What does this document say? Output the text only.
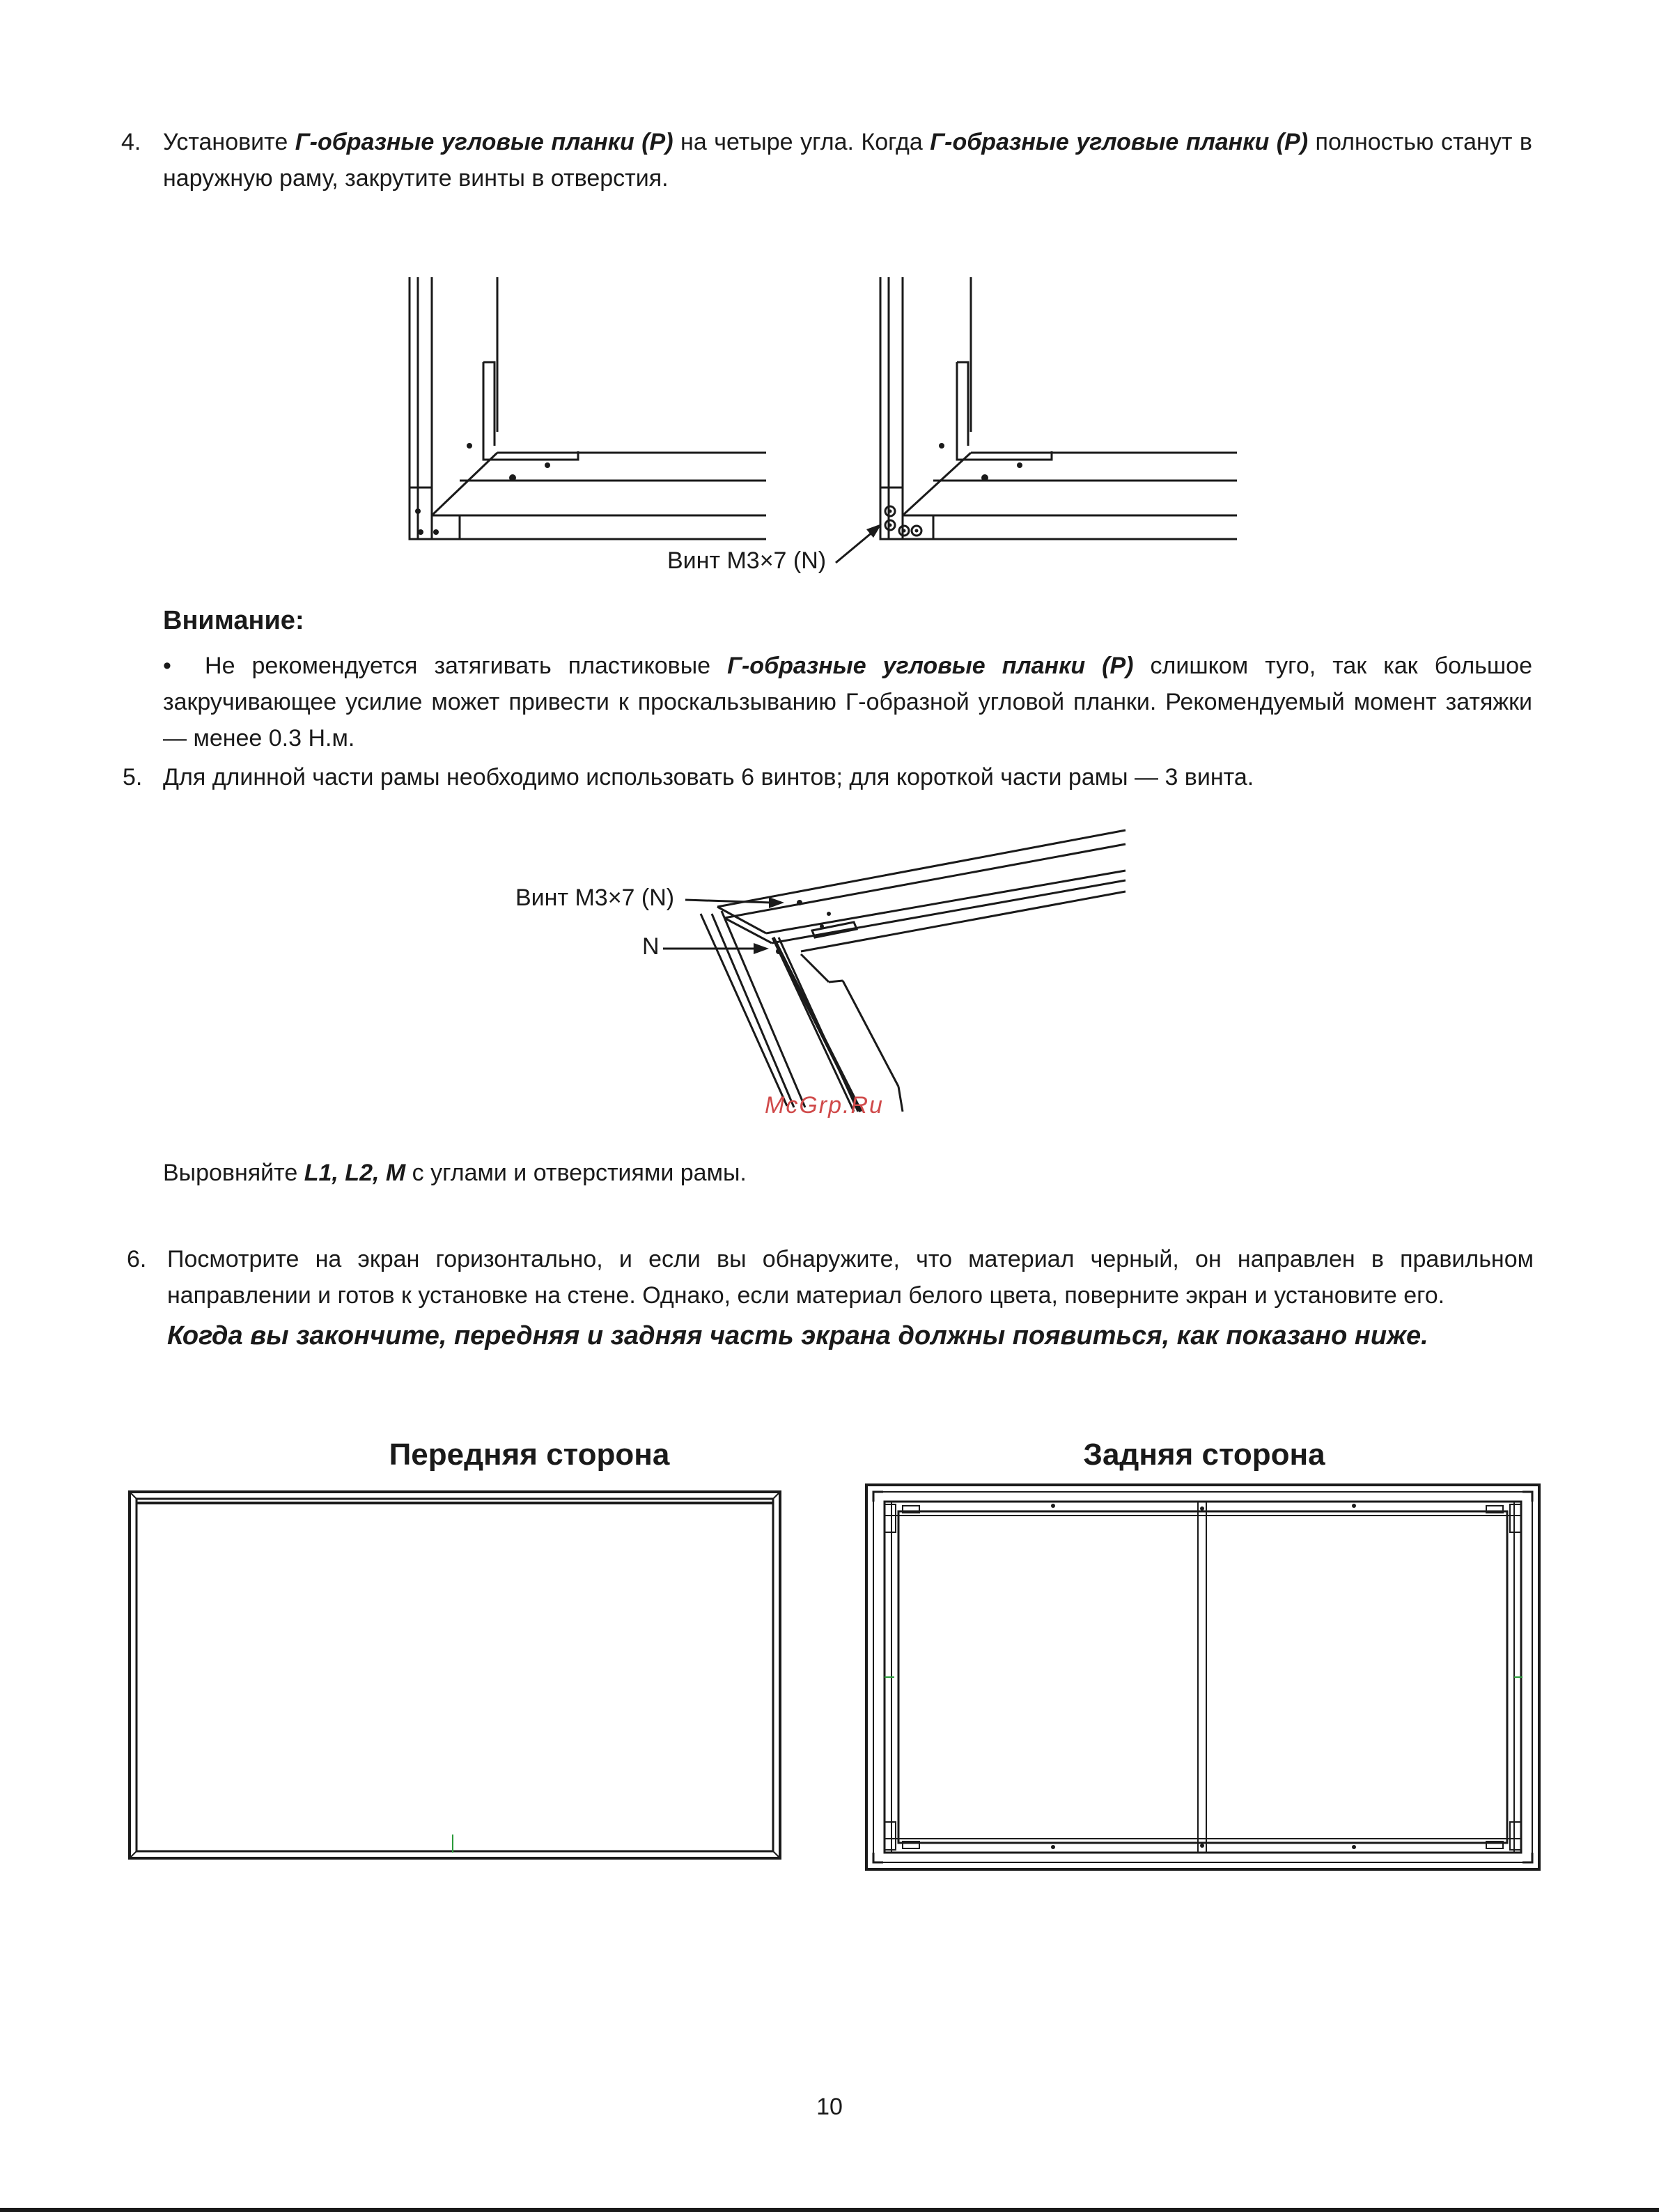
4. Установите Г-образные угловые планки (P) на четыре угла. Когда Г-образные угловые планки (P) полностью станут в наружную раму, закрутите винты в отверстия.
Винт M3×7 (N)
Внимание:
• Не рекомендуется затягивать пластиковые Г-образные угловые планки (P) слишком туго, так как большое закручивающее усилие может привести к проскальзыванию Г-образной угловой планки. Рекомендуемый момент затяжки — менее 0.3 Н.м.
5. Для длинной части рамы необходимо использовать 6 винтов; для короткой части рамы — 3 винта.
Винт M3×7 (N)
N
McGrp.Ru
Выровняйте L1, L2, M с углами и отверстиями рамы.
6. Посмотрите на экран горизонтально, и если вы обнаружите, что материал черный, он направлен в правильном направлении и готов к установке на стене. Однако, если материал белого цвета, поверните экран и установите его.
Когда вы закончите, передняя и задняя часть экрана должны появиться, как показано ниже.
Передняя сторона	Задняя сторона
10
